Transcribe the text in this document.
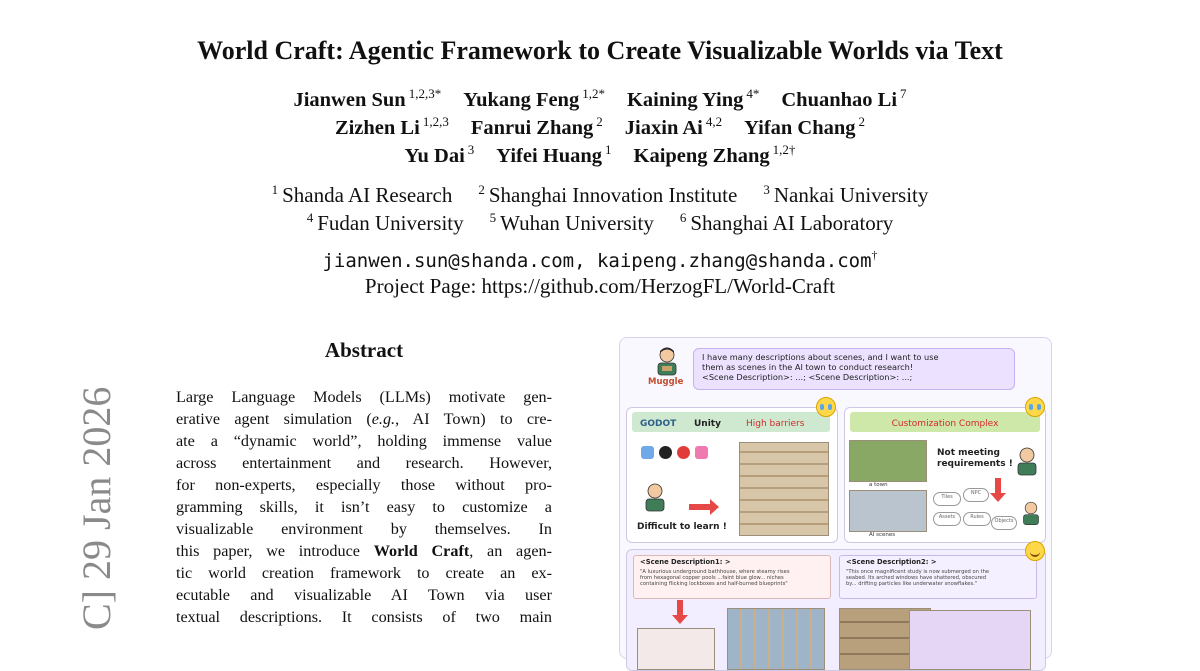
World Craft: Agentic Framework to Create Visualizable Worlds via Text
Jianwen Sun $^{1,2,3*}$ Yukang Feng $^{1,2*}$ Kaining Ying $^{4*}$ Chuanhao Li $^7$
Zizhen Li $^{1,2,3}$ Fanrui Zhang $^2$ Jiaxin Ai $^{4,2}$ Yifan Chang $^2$
Yu Dai $^3$ Yifei Huang $^1$ Kaipeng Zhang $^{1,2\dagger}$
$^1$ Shanda AI Research $^2$ Shanghai Innovation Institute $^3$ Nankai University
$^4$ Fudan University $^5$ Wuhan University $^6$ Shanghai AI Laboratory
jianwen.sun@shanda.com, kaipeng.zhang@shanda.com†
Project Page: https://github.com/HerzogFL/World-Craft
C] 29 Jan 2026
Abstract
Large Language Models (LLMs) motivate gen-
erative agent simulation (e.g., AI Town) to cre-
ate a “dynamic world”, holding immense value
across entertainment and research. However,
for non-experts, especially those without pro-
gramming skills, it isn’t easy to customize a
visualizable environment by themselves. In
this paper, we introduce World Craft, an agen-
tic world creation framework to create an ex-
ecutable and visualizable AI Town via user
textual descriptions. It consists of two main
Muggle
I have many descriptions about scenes, and I want to use
them as scenes in the AI town to conduct research!
<Scene Description>: ...; <Scene Description>: ...;
GODOT Unity	High barriers
Difficult to learn !
Customization Complex
a town
AI scenes
Not meeting requirements !
Tiles
NPC
Assets	Rules
Objects
<Scene Description1: >
"A luxurious underground bathhouse, where steamy rises
from hexagonal copper pools ...faint blue glow... niches
containing flicking lockboxes and half-burned blueprints"
<Scene Description2: >
"This once magnificent study is now submerged on the
seabed. Its arched windows have shattered, obscured
by... drifting particles like underwater snowflakes."
